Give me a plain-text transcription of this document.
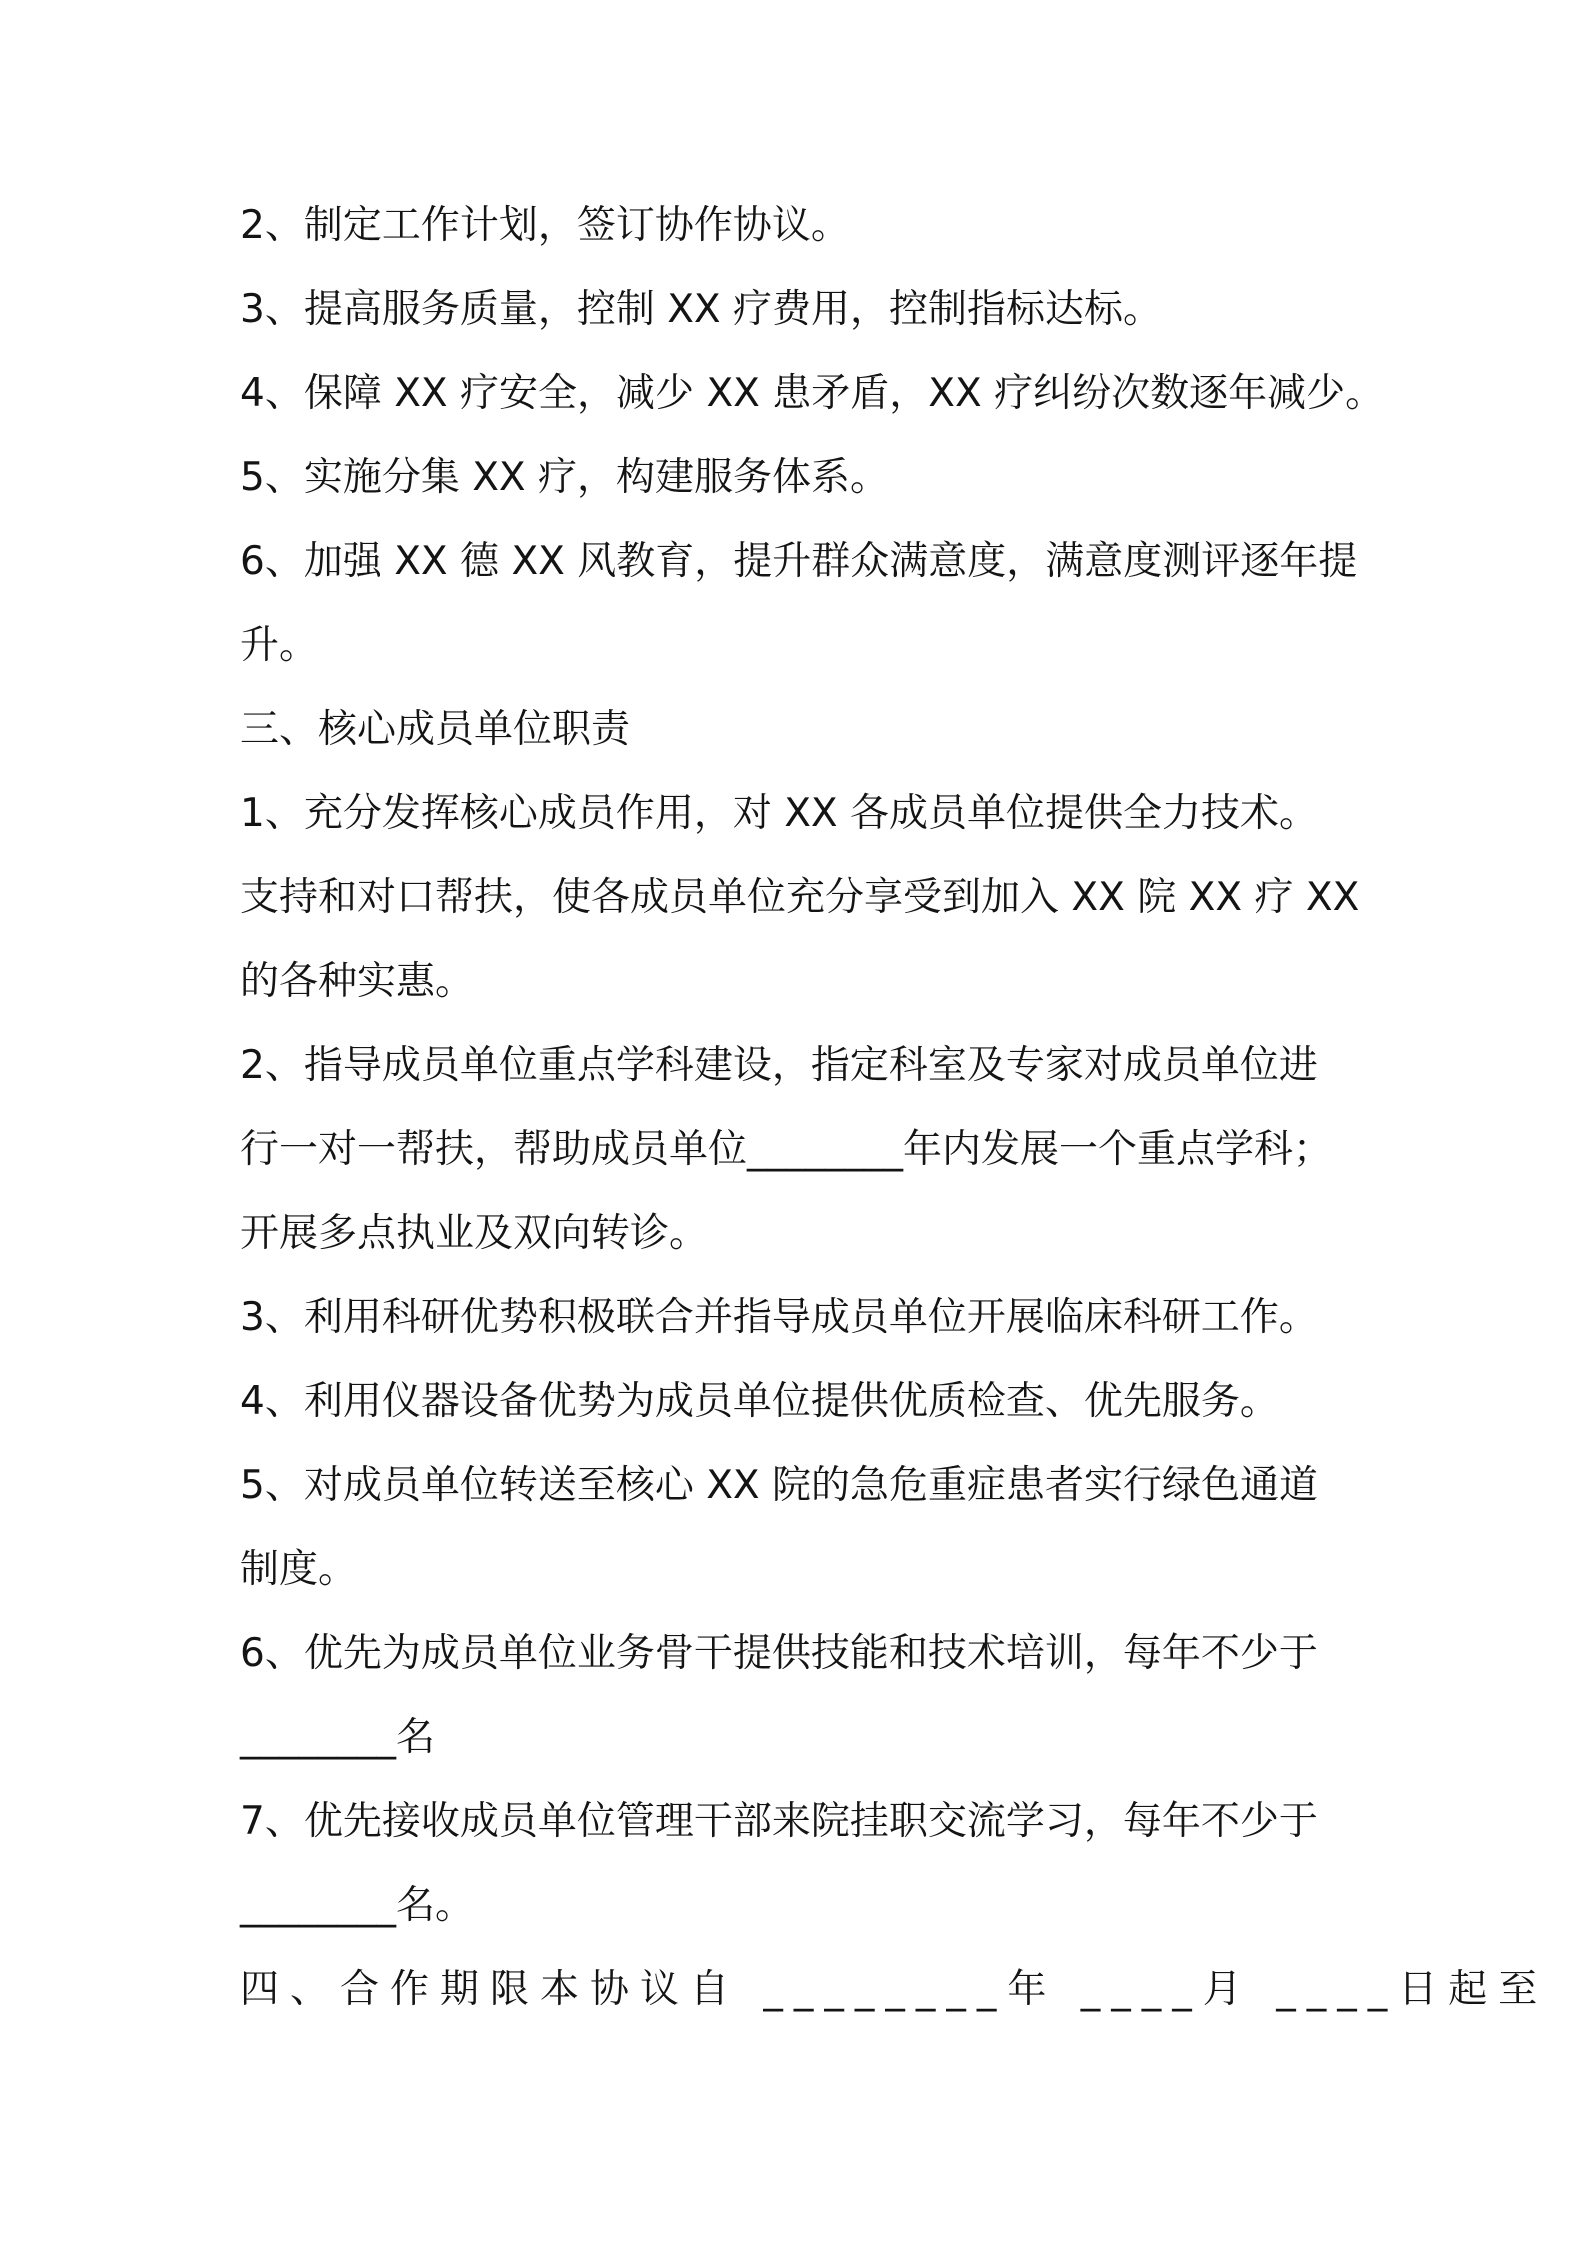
2、制定工作计划，签订协作协议。
3、提高服务质量，控制 XX 疗费用，控制指标达标。
4、保障 XX 疗安全，减少 XX 患矛盾，XX 疗纠纷次数逐年减少。
5、实施分集 XX 疗，构建服务体系。
6、加强 XX 德 XX 风教育，提升群众满意度，满意度测评逐年提
升。
三、核心成员单位职责
1、充分发挥核心成员作用，对 XX 各成员单位提供全力技术。
支持和对口帮扶，使各成员单位充分享受到加入 XX 院 XX 疗 XX
的各种实惠。
2、指导成员单位重点学科建设，指定科室及专家对成员单位进
行一对一帮扶，帮助成员单位________年内发展一个重点学科；
开展多点执业及双向转诊。
3、利用科研优势积极联合并指导成员单位开展临床科研工作。
4、利用仪器设备优势为成员单位提供优质检查、优先服务。
5、对成员单位转送至核心 XX 院的急危重症患者实行绿色通道
制度。
6、优先为成员单位业务骨干提供技能和技术培训，每年不少于
________名
7、优先接收成员单位管理干部来院挂职交流学习，每年不少于
________名。
四、合作期限本协议自 ________年 ____月 ____日起至
